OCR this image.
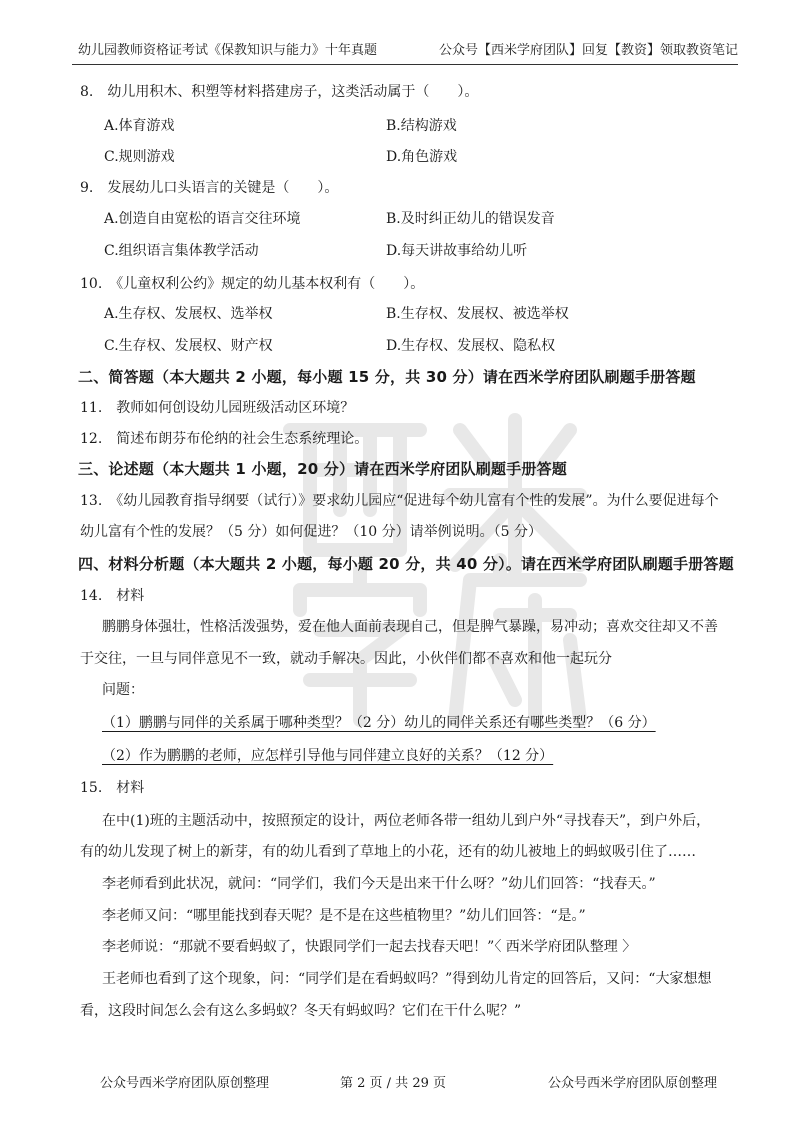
幼儿园教师资格证考试《保教知识与能力》十年真题	公众号【西米学府团队】回复【教资】领取教资笔记
8.　幼儿用积木、积塑等材料搭建房子，这类活动属于（　　）。
A.体育游戏	B.结构游戏
C.规则游戏	D.角色游戏
9.　发展幼儿口头语言的关键是（　　）。
A.创造自由宽松的语言交往环境	B.及时纠正幼儿的错误发音
C.组织语言集体教学活动	D.每天讲故事给幼儿听
10.　《儿童权利公约》规定的幼儿基本权利有（　　）。
A.生存权、发展权、选举权	B.生存权、发展权、被选举权
C.生存权、发展权、财产权	D.生存权、发展权、隐私权
二、简答题（本大题共 2 小题，每小题 15 分，共 30 分）请在西米学府团队刷题手册答题
11.　教师如何创设幼儿园班级活动区环境？
12.　简述布朗芬布伦纳的社会生态系统理论。
三、论述题（本大题共 1 小题，20 分）请在西米学府团队刷题手册答题
13.　《幼儿园教育指导纲要（试行）》要求幼儿园应“促进每个幼儿富有个性的发展”。为什么要促进每个
幼儿富有个性的发展？（5 分）如何促进？（10 分）请举例说明。（5 分）
四、材料分析题（本大题共 2 小题，每小题 20 分，共 40 分）。请在西米学府团队刷题手册答题
14.　材料
鹏鹏身体强壮，性格活泼强势，爱在他人面前表现自己，但是脾气暴躁，易冲动；喜欢交往却又不善
于交往，一旦与同伴意见不一致，就动手解决。因此，小伙伴们都不喜欢和他一起玩分
问题：
（1）鹏鹏与同伴的关系属于哪种类型？（2 分）幼儿的同伴关系还有哪些类型？（6 分）
（2）作为鹏鹏的老师，应怎样引导他与同伴建立良好的关系？（12 分）
15.　材料
在中(1)班的主题活动中，按照预定的设计，两位老师各带一组幼儿到户外“寻找春天”，到户外后，
有的幼儿发现了树上的新芽，有的幼儿看到了草地上的小花，还有的幼儿被地上的蚂蚁吸引住了……
李老师看到此状况，就问：“同学们，我们今天是出来干什么呀？”幼儿们回答：“找春天。”
李老师又问：“哪里能找到春天呢？是不是在这些植物里？”幼儿们回答：“是。”
李老师说：“那就不要看蚂蚁了，快跟同学们一起去找春天吧！”〈 西米学府团队整理 〉
王老师也看到了这个现象，问：“同学们是在看蚂蚁吗？”得到幼儿肯定的回答后，又问：“大家想想
看，这段时间怎么会有这么多蚂蚁？冬天有蚂蚁吗？它们在干什么呢？”
公众号西米学府团队原创整理	第 2 页 / 共 29 页	公众号西米学府团队原创整理
